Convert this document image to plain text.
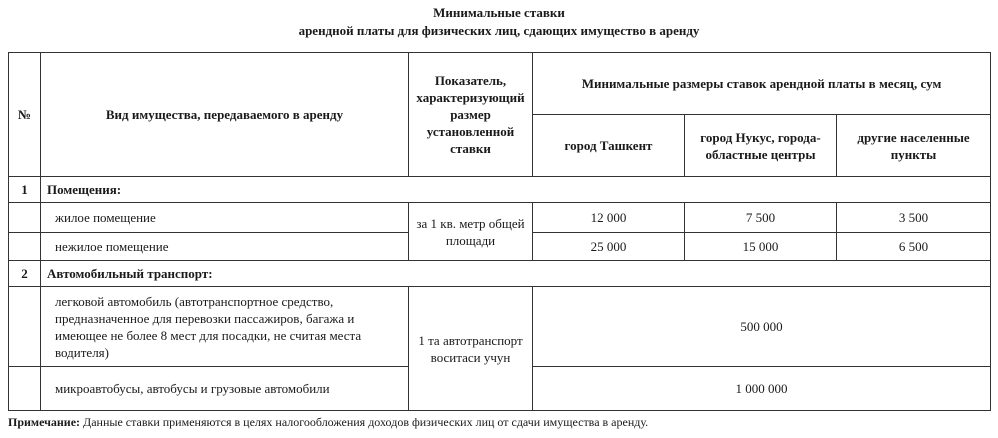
Минимальные ставки
арендной платы для физических лиц, сдающих имущество в аренду
№	Вид имущества, передаваемого в аренду	Показатель, характеризующий размер установленной ставки	Минимальные размеры ставок арендной платы в месяц, сум		
			город Ташкент	город Нукус, города-областные центры	другие населенные пункты
1	Помещения:				
	жилое помещение	за 1 кв. метр общей площади	12 000	7 500	3 500
	нежилое помещение		25 000	15 000	6 500
2	Автомобильный транспорт:				
	легковой автомобиль (автотранспортное средство, предназначенное для перевозки пассажиров, багажа и имеющее не более 8 мест для посадки, не считая места водителя)	1 та автотранспорт воситаси учун	500 000		
	микроавтобусы, автобусы и грузовые автомобили		1 000 000		
Примечание: Данные ставки применяются в целях налогообложения доходов физических лиц от сдачи имущества в аренду.
